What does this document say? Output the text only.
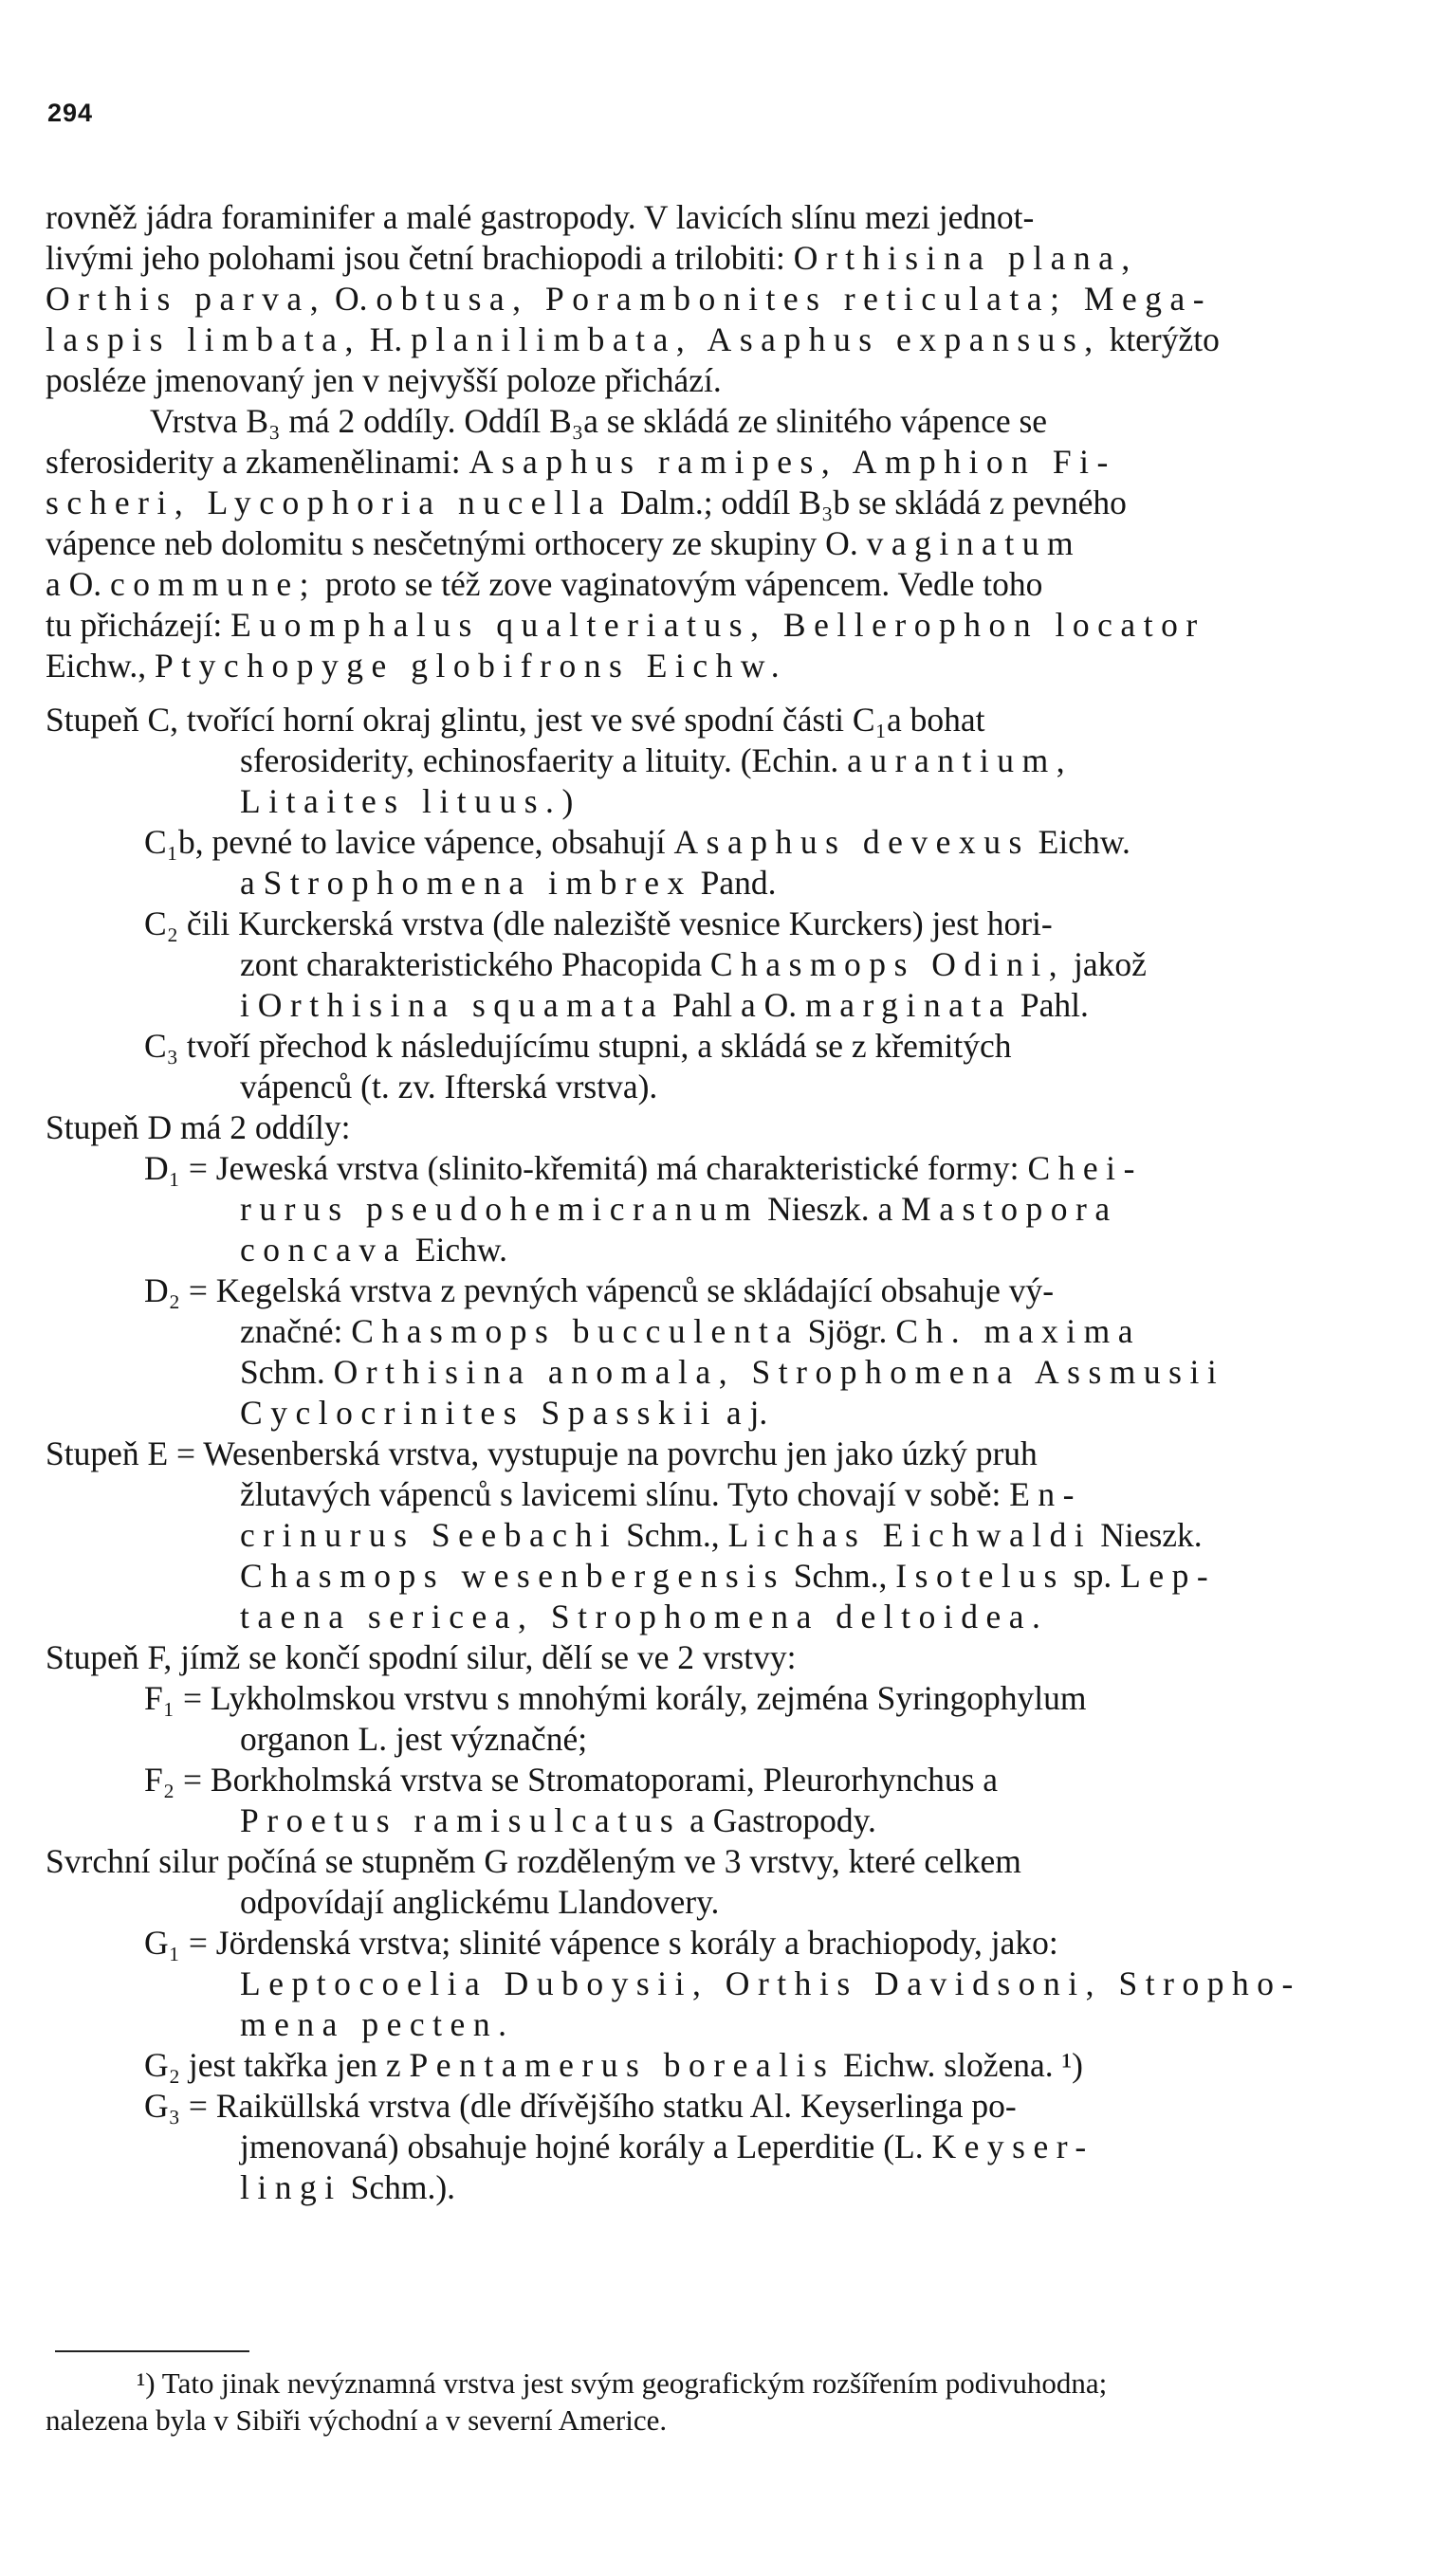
294
rovněž jádra foraminifer a malé gastropody. V lavicích slínu mezi jednot-
livými jeho polohami jsou četní brachiopodi a trilobiti: Orthisina plana,
Orthis parva, O. obtusa, Porambonites reticulata; Mega-
laspis limbata, H. planilimbata, Asaphus expansus, kterýžto
posléze jmenovaný jen v nejvyšší poloze přichází.
Vrstva B₃ má 2 oddíly. Oddíl B₃a se skládá ze slinitého vápence se
sferosiderity a zkamenělinami: Asaphus ramipes, Amphion Fi-
scheri, Lycophoria nucella Dalm.; oddíl B₃b se skládá z pevného
vápence neb dolomitu s nesčetnými orthocery ze skupiny O. vaginatum
a O. commune; proto se též zove vaginatovým vápencem. Vedle toho
tu přicházejí: Euomphalus qualteriatus, Bellerophon locator
Eichw., Ptychopyge globifrons Eichw.
Stupeň C, tvořící horní okraj glintu, jest ve své spodní části C₁a bohat
sferosiderity, echinosfaerity a lituity. (Echin. aurantium,
Litaites lituus.)
C₁b, pevné to lavice vápence, obsahují Asaphus devexus Eichw.
a Strophomena imbrex Pand.
C₂ čili Kurckerská vrstva (dle naleziště vesnice Kurckers) jest hori-
zont charakteristického Phacopida Chasmops Odini, jakož
i Orthisina squamata Pahl a O. marginata Pahl.
C₃ tvoří přechod k následujícímu stupni, a skládá se z křemitých
vápenců (t. zv. Ifterská vrstva).
Stupeň D má 2 oddíly:
D₁ = Jeweská vrstva (slinito-křemitá) má charakteristické formy: Chei-
rurus pseudohemicranum Nieszk. a Mastopora
concava Eichw.
D₂ = Kegelská vrstva z pevných vápenců se skládající obsahuje vý-
značné: Chasmops bucculenta Sjögr. Ch. maxima
Schm. Orthisina anomala, Strophomena Assmusii
Cyclocrinites Spasskii a j.
Stupeň E = Wesenberská vrstva, vystupuje na povrchu jen jako úzký pruh
žlutavých vápenců s lavicemi slínu. Tyto chovají v sobě: En-
crinurus Seebachi Schm., Lichas Eichwaldi Nieszk.
Chasmops wesenbergensis Schm., Isotelus sp. Lep-
taena sericea, Strophomena deltoidea.
Stupeň F, jímž se končí spodní silur, dělí se ve 2 vrstvy:
F₁ = Lykholmskou vrstvu s mnohými korály, zejména Syringophylum
organon L. jest význačné;
F₂ = Borkholmská vrstva se Stromatoporami, Pleurorhynchus a
Proetus ramisulcatus a Gastropody.
Svrchní silur počíná se stupněm G rozděleným ve 3 vrstvy, které celkem
odpovídají anglickému Llandovery.
G₁ = Jördenská vrstva; slinité vápence s korály a brachiopody, jako:
Leptocoelia Duboysii, Orthis Davidsoni, Stropho-
mena pecten.
G₂ jest takřka jen z Pentamerus borealis Eichw. složena. ¹)
G₃ = Raiküllská vrstva (dle dřívějšího statku Al. Keyserlinga po-
jmenovaná) obsahuje hojné korály a Leperditie (L. Keyser-
lingi Schm.).
¹) Tato jinak nevýznamná vrstva jest svým geografickým rozšířením podivuhodna;
nalezena byla v Sibiři východní a v severní Americe.
